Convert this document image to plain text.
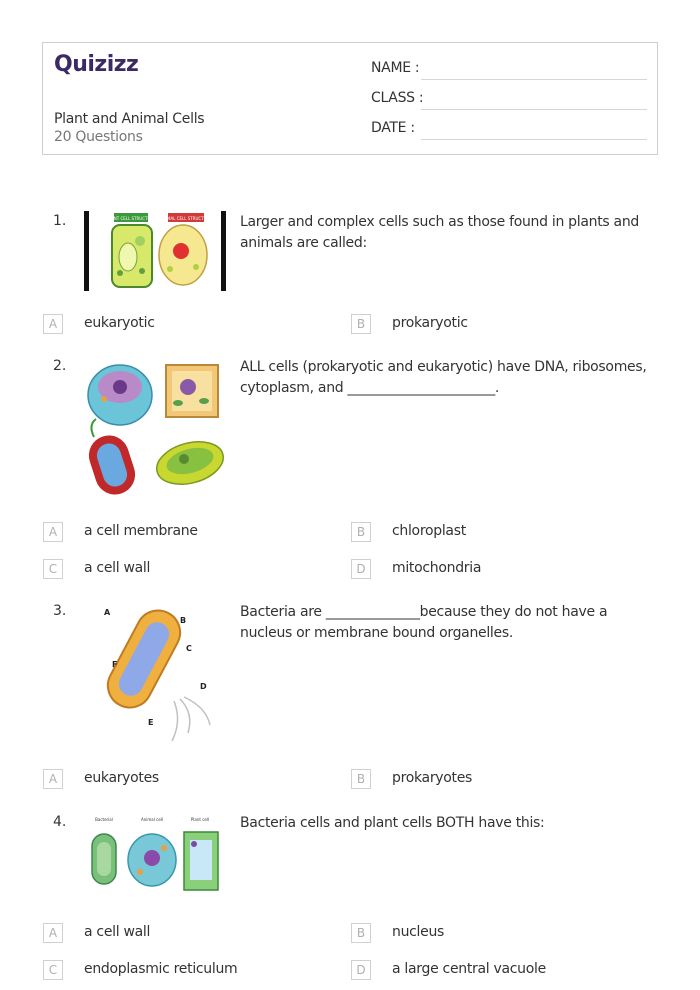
Quizizz
Plant and Animal Cells
20 Questions
NAME :
CLASS :
DATE :
1.	PLANT CELL STRUCTURE ANIMAL CELL STRUCTURE Larger and complex cells such as those found in plants and animals are called:
A	eukaryotic	B	prokaryotic
2.	ALL cells (prokaryotic and eukaryotic) have DNA, ribosomes, cytoplasm, and ______________________.
A	a cell membrane	B	chloroplast
C	a cell wall	D	mitochondria
3.	A
B
C
D
E
F
Bacteria are ______________because they do not have a nucleus or membrane bound organelles.
A	eukaryotes	B	prokaryotes
4.	Bacterial	Animal cell	Plant cell Bacteria cells and plant cells BOTH have this:
A	a cell wall	B	nucleus
C	endoplasmic reticulum	D	a large central vacuole
